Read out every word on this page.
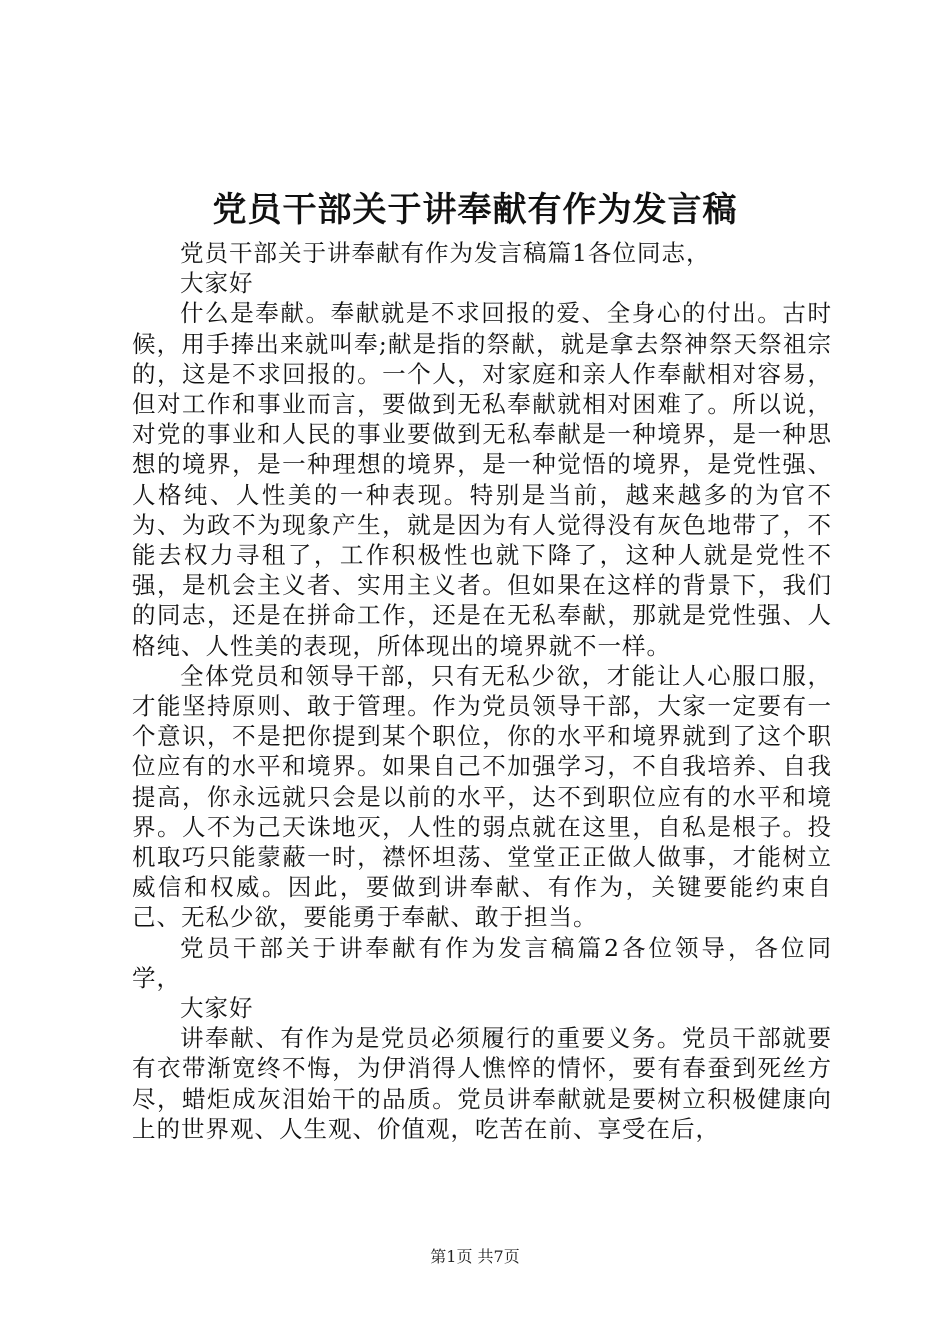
党员干部关于讲奉献有作为发言稿

党员干部关于讲奉献有作为发言稿篇1各位同志，

大家好

什么是奉献。奉献就是不求回报的爱、全身心的付出。古时候，用手捧出来就叫奉;献是指的祭献，就是拿去祭神祭天祭祖宗的，这是不求回报的。一个人，对家庭和亲人作奉献相对容易，但对工作和事业而言，要做到无私奉献就相对困难了。所以说，对党的事业和人民的事业要做到无私奉献是一种境界，是一种思想的境界，是一种理想的境界，是一种觉悟的境界，是党性强、人格纯、人性美的一种表现。特别是当前，越来越多的为官不为、为政不为现象产生，就是因为有人觉得没有灰色地带了，不能去权力寻租了，工作积极性也就下降了，这种人就是党性不强，是机会主义者、实用主义者。但如果在这样的背景下，我们的同志，还是在拼命工作，还是在无私奉献，那就是党性强、人格纯、人性美的表现，所体现出的境界就不一样。

全体党员和领导干部，只有无私少欲，才能让人心服口服，才能坚持原则、敢于管理。作为党员领导干部，大家一定要有一个意识，不是把你提到某个职位，你的水平和境界就到了这个职位应有的水平和境界。如果自己不加强学习，不自我培养、自我提高，你永远就只会是以前的水平，达不到职位应有的水平和境界。人不为己天诛地灭，人性的弱点就在这里，自私是根子。投机取巧只能蒙蔽一时，襟怀坦荡、堂堂正正做人做事，才能树立威信和权威。因此，要做到讲奉献、有作为，关键要能约束自己、无私少欲，要能勇于奉献、敢于担当。

党员干部关于讲奉献有作为发言稿篇2各位领导，各位同学，

大家好

讲奉献、有作为是党员必须履行的重要义务。党员干部就要有衣带渐宽终不悔，为伊消得人憔悴的情怀，要有春蚕到死丝方尽，蜡炬成灰泪始干的品质。党员讲奉献就是要树立积极健康向上的世界观、人生观、价值观，吃苦在前、享受在后，

第1页 共7页
